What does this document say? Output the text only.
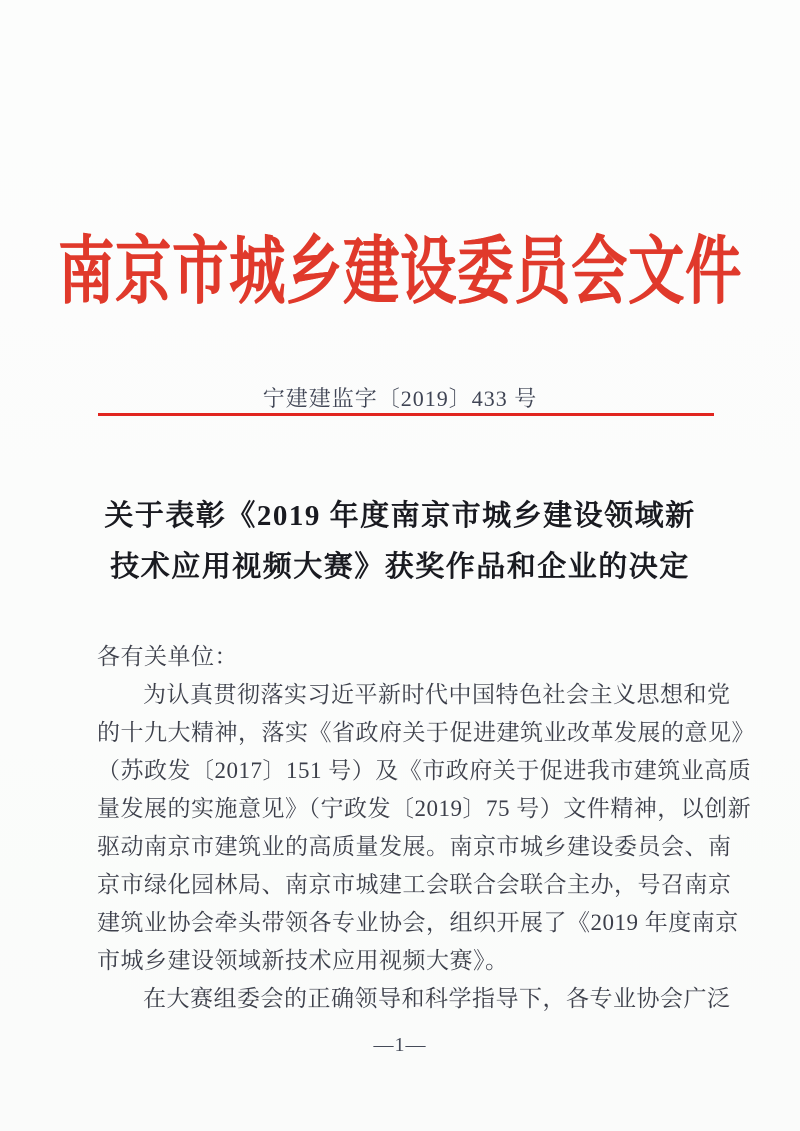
南京市城乡建设委员会文件
宁建建监字〔2019〕433 号
关于表彰《2019 年度南京市城乡建设领域新
技术应用视频大赛》获奖作品和企业的决定
各有关单位：
为认真贯彻落实习近平新时代中国特色社会主义思想和党
的十九大精神，落实《省政府关于促进建筑业改革发展的意见》
（苏政发〔2017〕151 号）及《市政府关于促进我市建筑业高质
量发展的实施意见》（宁政发〔2019〕75 号）文件精神，以创新
驱动南京市建筑业的高质量发展。南京市城乡建设委员会、南
京市绿化园林局、南京市城建工会联合会联合主办，号召南京
建筑业协会牵头带领各专业协会，组织开展了《2019 年度南京
市城乡建设领域新技术应用视频大赛》。
在大赛组委会的正确领导和科学指导下，各专业协会广泛
—1—
